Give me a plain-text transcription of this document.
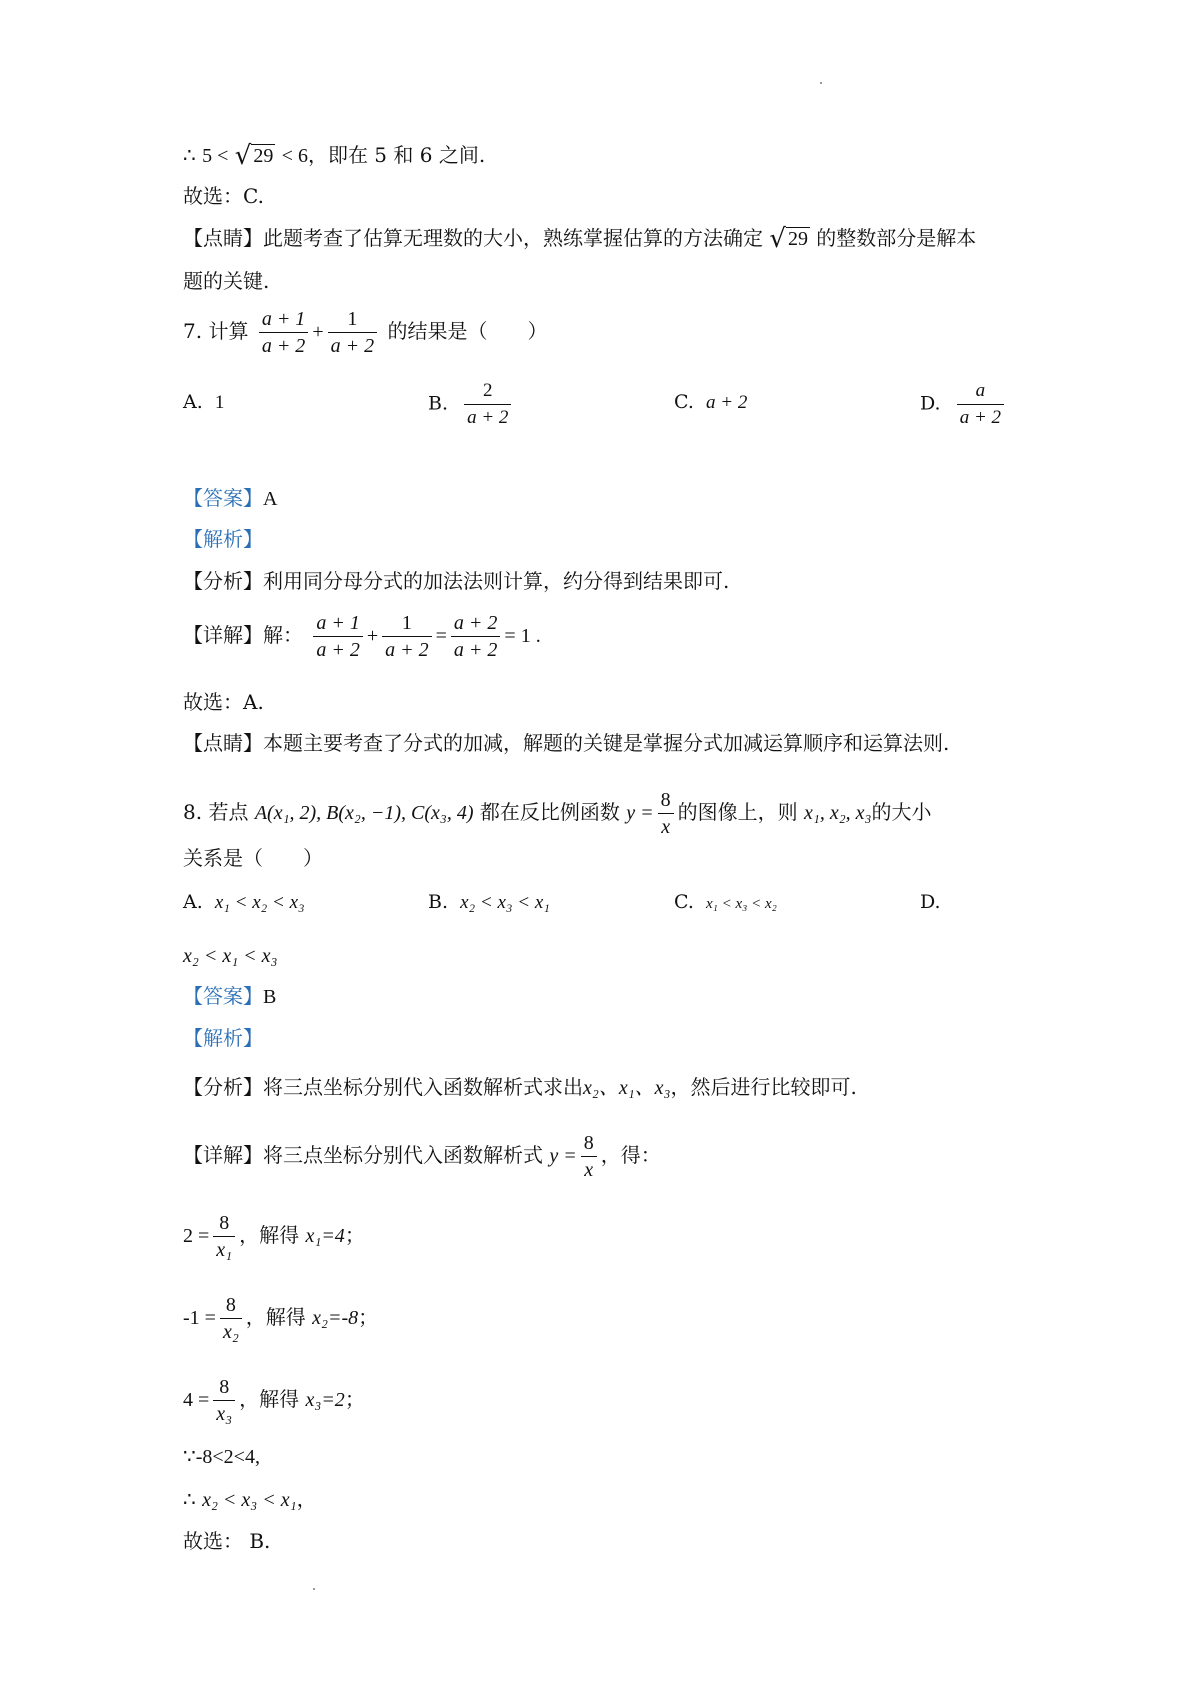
∴ 5 < √ 29 < 6，即在 5 和 6 之间.
故选：C.
【点睛】此题考查了估算无理数的大小，熟练掌握估算的方法确定 √ 29 的整数部分是解本
题的关键.
7. 计算 $\frac{a + 1}{a + 2} + \frac{1}{a + 2}$ 的结果是（　　）
A. 1	B. $\frac{2}{a + 2}$	C. a + 2	D. $\frac{a}{a + 2}$
【答案】A
【解析】
【分析】利用同分母分式的加法法则计算，约分得到结果即可.
【详解】解： $\frac{a + 1}{a + 2} + \frac{1}{a + 2} = \frac{a + 2}{a + 2} = 1$ .
故选：A.
【点睛】本题主要考查了分式的加减，解题的关键是掌握分式加减运算顺序和运算法则.
8. 若点 A(x₁, 2), B(x₂, −1), C(x₃, 4) 都在反比例函数 $y = \frac{8}{x}$ 的图像上，则 x₁, x₂, x₃的大小
关系是（　　）
A. x₁ < x₂ < x₃	B. x₂ < x₃ < x₁	C. x₁ < x₃ < x₂	D.
x₂ < x₁ < x₃
【答案】B
【解析】
【分析】将三点坐标分别代入函数解析式求出x₂、x₁、x₃，然后进行比较即可.
【详解】将三点坐标分别代入函数解析式 $y = \frac{8}{x}$ ，得：
$2 = \frac{8}{\text{x₁}}$ ，解得 x₁=4；
$-1 = \frac{8}{\text{x₂}}$ ，解得 x₂=-8；
$4 = \frac{8}{\text{x₃}}$ ，解得 x₃=2；
∵-8<2<4,
∴ x₂ < x₃ < x₁，
故选： B.
